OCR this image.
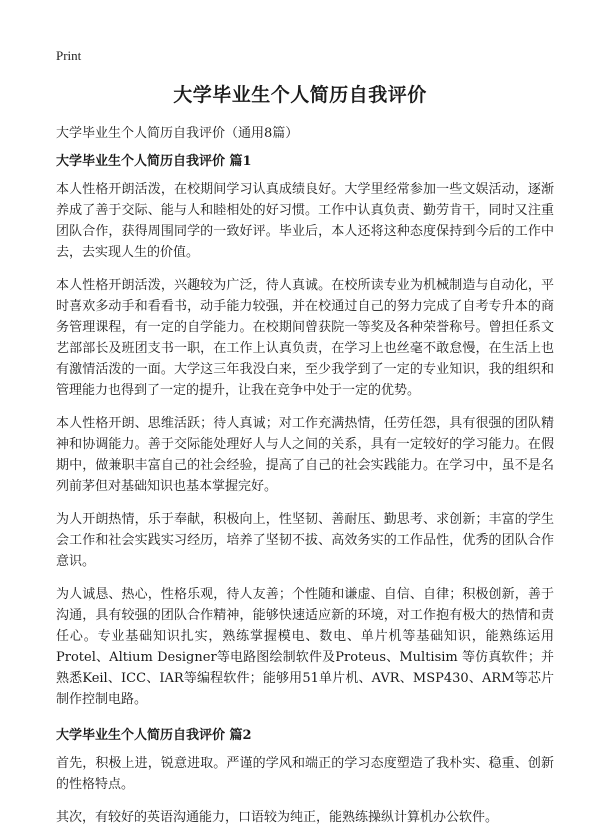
Print
大学毕业生个人简历自我评价
大学毕业生个人简历自我评价（通用8篇）
大学毕业生个人简历自我评价 篇1

本人性格开朗活泼，在校期间学习认真成绩良好。大学里经常参加一些文娱活动，逐渐养成了善于交际、能与人和睦相处的好习惯。工作中认真负责、勤劳肯干，同时又注重团队合作，获得周围同学的一致好评。毕业后，本人还将这种态度保持到今后的工作中去，去实现人生的价值。

本人性格开朗活泼，兴趣较为广泛，待人真诚。在校所读专业为机械制造与自动化，平时喜欢多动手和看看书，动手能力较强，并在校通过自己的努力完成了自考专升本的商务管理课程，有一定的自学能力。在校期间曾获院一等奖及各种荣誉称号。曾担任系文艺部部长及班团支书一职，在工作上认真负责，在学习上也丝毫不敢怠慢，在生活上也有激情活泼的一面。大学这三年我没白来，至少我学到了一定的专业知识，我的组织和管理能力也得到了一定的提升，让我在竞争中处于一定的优势。

本人性格开朗、思维活跃；待人真诚；对工作充满热情，任劳任怨，具有很强的团队精神和协调能力。善于交际能处理好人与人之间的关系，具有一定较好的学习能力。在假期中，做兼职丰富自己的社会经验，提高了自己的社会实践能力。在学习中，虽不是名列前茅但对基础知识也基本掌握完好。

为人开朗热情，乐于奉献，积极向上，性坚韧、善耐压、勤思考、求创新；丰富的学生会工作和社会实践实习经历，培养了坚韧不拔、高效务实的工作品性，优秀的团队合作意识。

为人诚恳、热心，性格乐观，待人友善；个性随和谦虚、自信、自律；积极创新，善于沟通，具有较强的团队合作精神，能够快速适应新的环境，对工作抱有极大的热情和责任心。专业基础知识扎实，熟练掌握模电、数电、单片机等基础知识，能熟练运用Protel、Altium Designer等电路图绘制软件及Proteus、Multisim 等仿真软件；并熟悉Keil、ICC、IAR等编程软件；能够用51单片机、AVR、MSP430、ARM等芯片制作控制电路。

大学毕业生个人简历自我评价 篇2

首先，积极上进，锐意进取。严谨的学风和端正的学习态度塑造了我朴实、稳重、创新的性格特点。

其次，有较好的英语沟通能力，口语较为纯正，能熟练操纵计算机办公软件。
